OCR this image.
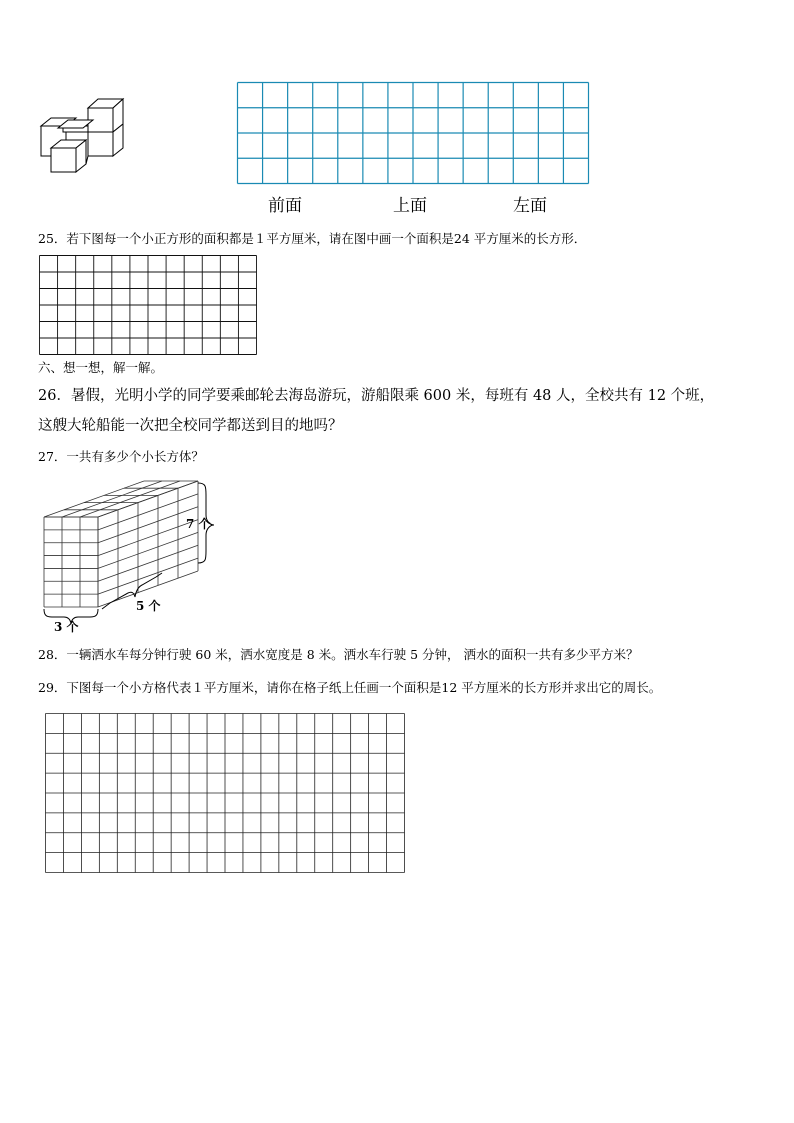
前面	上面	左面
25．若下图每一个小正方形的面积都是１平方厘米，请在图中画一个面积是24 平方厘米的长方形．
六、想一想，解一解。
26．暑假，光明小学的同学要乘邮轮去海岛游玩，游船限乘 600 米，每班有 48 人，全校共有 12 个班，
这艘大轮船能一次把全校同学都送到目的地吗？
27．一共有多少个小长方体？
7 个
5 个
3 个
28．一辆洒水车每分钟行驶 60 米，洒水宽度是 8 米。洒水车行驶 5 分钟， 洒水的面积一共有多少平方米？
29．下图每一个小方格代表１平方厘米，请你在格子纸上任画一个面积是12 平方厘米的长方形并求出它的周长。
